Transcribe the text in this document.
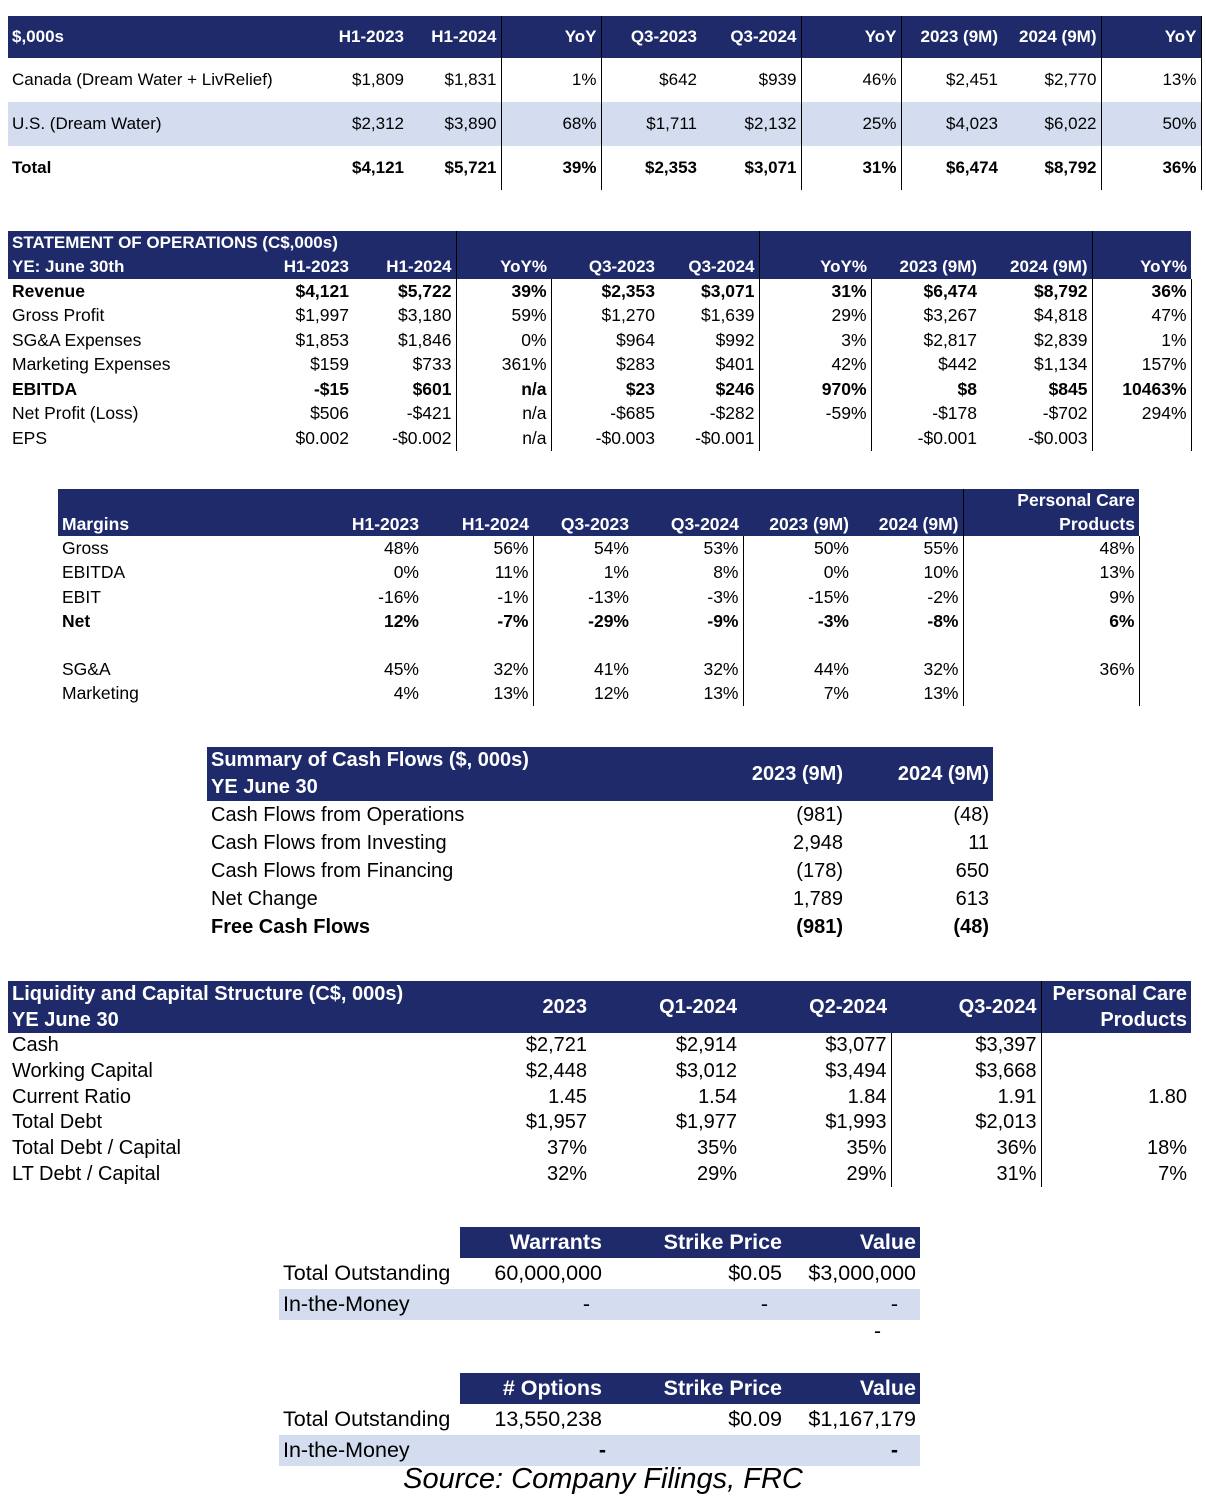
$,000s	H1-2023	H1-2024	YoY	Q3-2023	Q3-2024	YoY	2023 (9M)	2024 (9M)	YoY
Canada (Dream Water + LivRelief)	$1,809	$1,831	1%	$642	$939	46%	$2,451	$2,770	13%
U.S. (Dream Water)	$2,312	$3,890	68%	$1,711	$2,132	25%	$4,023	$6,022	50%
Total	$4,121	$5,721	39%	$2,353	$3,071	31%	$6,474	$8,792	36%
STATEMENT OF OPERATIONS (C$,000s)									
YE: June 30th	H1-2023	H1-2024	YoY%	Q3-2023	Q3-2024	YoY%	2023 (9M)	2024 (9M)	YoY%
Revenue	$4,121	$5,722	39%	$2,353	$3,071	31%	$6,474	$8,792	36%
Gross Profit	$1,997	$3,180	59%	$1,270	$1,639	29%	$3,267	$4,818	47%
SG&A Expenses	$1,853	$1,846	0%	$964	$992	3%	$2,817	$2,839	1%
Marketing Expenses	$159	$733	361%	$283	$401	42%	$442	$1,134	157%
EBITDA	-$15	$601	n/a	$23	$246	970%	$8	$845	10463%
Net Profit (Loss)	$506	-$421	n/a	-$685	-$282	-59%	-$178	-$702	294%
EPS	$0.002	-$0.002	n/a	-$0.003	-$0.001		-$0.001	-$0.003	
							Personal Care
Margins	H1-2023	H1-2024	Q3-2023	Q3-2024	2023 (9M)	2024 (9M)	Products
Gross	48%	56%	54%	53%	50%	55%	48%
EBITDA	0%	11%	1%	8%	0%	10%	13%
EBIT	-16%	-1%	-13%	-3%	-15%	-2%	9%
Net	12%	-7%	-29%	-9%	-3%	-8%	6%

SG&A	45%	32%	41%	32%	44%	32%	36%
Marketing	4%	13%	12%	13%	7%	13%	
Summary of Cash Flows ($, 000s)	2023 (9M)	2024 (9M)
YE June 30		
Cash Flows from Operations	(981)	(48)
Cash Flows from Investing	2,948	11
Cash Flows from Financing	(178)	650
Net Change	1,789	613
Free Cash Flows	(981)	(48)
Liquidity and Capital Structure (C$, 000s)	2023	Q1-2024	Q2-2024	Q3-2024	Personal Care
YE June 30					Products
Cash	$2,721	$2,914	$3,077	$3,397	
Working Capital	$2,448	$3,012	$3,494	$3,668	
Current Ratio	1.45	1.54	1.84	1.91	1.80
Total Debt	$1,957	$1,977	$1,993	$2,013	
Total Debt / Capital	37%	35%	35%	36%	18%
LT Debt / Capital	32%	29%	29%	31%	7%
	Warrants	Strike Price	Value
Total Outstanding	60,000,000	$0.05	$3,000,000
In-the-Money	-	-	-
-
	# Options	Strike Price	Value
Total Outstanding	13,550,238	$0.09	$1,167,179
In-the-Money	-		-
Source: Company Filings, FRC
